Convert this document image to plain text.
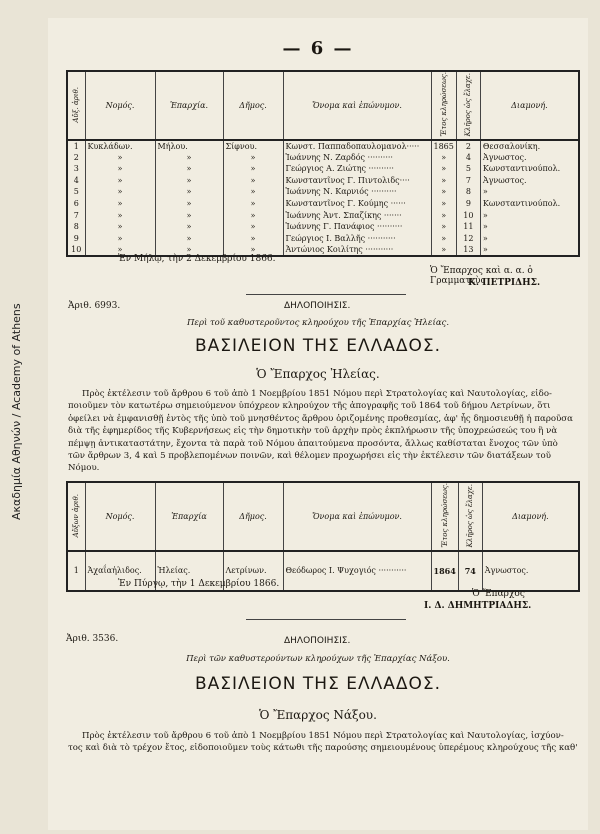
Ακαδημία Αθηνών / Academy of Athens
— 6 —
Αὔξ. ἀριθ.	Νομός.	Ἐπαρχία.	Δῆμος.	Ὄνομα καὶ ἐπώνυμον.	Ἔτος κληρώσεως.	Κλῆρος ὡς ἔλαχε.	Διαμονή.
1	Κυκλάδων.	Μήλου.	Σίφνου.	Κωνστ. Παππαδοπαυλομανολ·····	1865	2	Θεσσαλονίκη.
2	»	»	»	Ἰωάννης Ν. Ζαρδός ··········	»	4	Ἀγνωστος.
3	»	»	»	Γεώργιος Α. Ζιώτης ··········	»	5	Κωνσταντινούπολ.
4	»	»	»	Κωνσταντῖνος Γ. Πιντολιδς····	»	7	Ἀγνωστος.
5	»	»	»	Ἰωάννης Ν. Καρνιός ··········	»	8	»
6	»	»	»	Κωνσταντῖνος Γ. Κούμης ······	»	9	Κωνσταντινούπολ.
7	»	»	»	Ἰωάννης Ἀντ. Σπαζίκης ·······	»	10	»
8	»	»	»	Ἰωάννης Γ. Πανάφιος ··········	»	11	»
9	»	»	»	Γεώργιος Ι. Βαλλῆς ···········	»	12	»
10	»	»	»	Ἀντώνιος Κοιλίτης ···········	»	13	»
Ἐν Μήλῳ, τὴν 2 Δεκεμβρίου 1866.
Ὁ Ἔπαρχος καὶ α. α. ὁ Γραμματεὺς
Κ. ΠΕΤΡΙΔΗΣ.
Ἀριθ. 6993.	ΔΗΛΟΠΟΙΗΣΙΣ.
Περὶ τοῦ καθυστεροῦντος κληρούχου τῆς Ἐπαρχίας Ἠλείας.
ΒΑΣΙΛΕΙΟΝ ΤΗΣ ΕΛΛΑΔΟΣ.
Ὁ Ἔπαρχος Ἠλείας.
Πρὸς ἐκτέλεσιν τοῦ ἄρθρου 6 τοῦ ἀπὸ 1 Νοεμβρίου 1851 Νόμου περὶ Στρατολογίας καὶ Ναυτολογίας, εἰδο-
ποιοῦμεν τὸν κατωτέρω σημειούμενον ὑπόχρεον κληρούχον τῆς ἀπογραφῆς τοῦ 1864 τοῦ δήμου Λετρίνων, ὅτι
ὀφείλει νὰ ἐμφανισθῇ ἐντὸς τῆς ὑπὸ τοῦ μνησθέντος ἄρθρου ὁριζομένης προθεσμίας, ἀφ' ἧς δημοσιευθῇ ἡ παροῦσα
διὰ τῆς ἐφημερίδος τῆς Κυβερνήσεως εἰς τὴν δημοτικὴν τοῦ ἀρχὴν πρὸς ἐκπλήρωσιν τῆς ὑποχρεώσεώς του ἢ νὰ
πέμψῃ ἀντικαταστάτην, ἔχοντα τὰ παρὰ τοῦ Νόμου ἀπαιτούμενα προσόντα, ἄλλως καθίσταται ἔνοχος τῶν ὑπὸ
τῶν ἄρθρων 3, 4 καὶ 5 προβλεπομένων ποινῶν, καὶ θέλομεν προχωρήσει εἰς τὴν ἐκτέλεσιν τῶν διατάξεων τοῦ
Νόμου.
Αὔξων ἀριθ.	Νομός.	Ἐπαρχία	Δῆμος.	Ὄνομα καὶ ἐπώνυμον.	Ἔτος κληρώσεως.	Κλῆρος ὡς ἔλαχε.	Διαμονή.
1	Ἀχαΐαἠλιδος.	Ἠλείας.	Λετρίνων.	Θεόδωρος Ι. Ψυχογιός ···········	1864	74	Ἀγνωστος.
Ἐν Πύργῳ, τὴν 1 Δεκεμβρίου 1866.
Ὁ Ἔπαρχος
Ι. Δ. ΔΗΜΗΤΡΙΑΔΗΣ.
Ἀριθ. 3536.	ΔΗΛΟΠΟΙΗΣΙΣ.
Περὶ τῶν καθυστερούντων κληρούχων τῆς Ἐπαρχίας Νάξου.
ΒΑΣΙΛΕΙΟΝ ΤΗΣ ΕΛΛΑΔΟΣ.
Ὁ Ἔπαρχος Νάξου.
Πρὸς ἐκτέλεσιν τοῦ ἄρθρου 6 τοῦ ἀπὸ 1 Νοεμβρίου 1851 Νόμου περὶ Στρατολογίας καὶ Ναυτολογίας, ἰσχύον-
τος καὶ διὰ τὸ τρέχον ἔτος, εἰδοποιοῦμεν τοὺς κάτωθι τῆς παρούσης σημειουμένους ὑπερέμους κληρούχους τῆς καθ'
